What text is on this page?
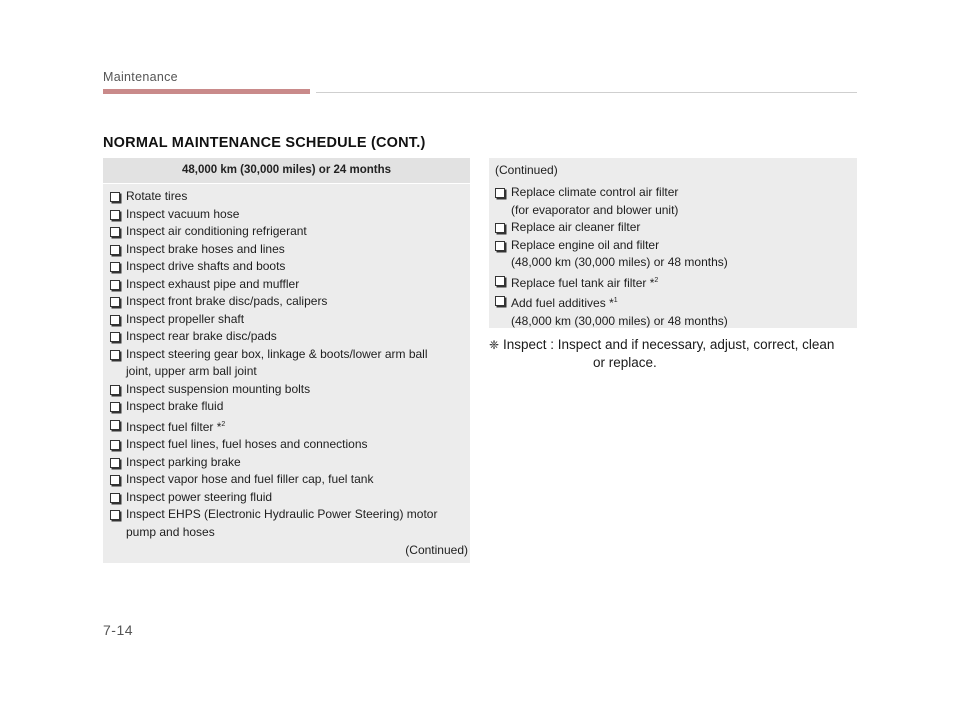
Maintenance
NORMAL MAINTENANCE SCHEDULE (CONT.)
48,000 km (30,000 miles) or 24 months
Rotate tires
Inspect vacuum hose
Inspect air conditioning refrigerant
Inspect brake hoses and lines
Inspect drive shafts and boots
Inspect exhaust pipe and muffler
Inspect front brake disc/pads, calipers
Inspect propeller shaft
Inspect rear brake disc/pads
Inspect steering gear box, linkage & boots/lower arm ball
joint, upper arm ball joint
Inspect suspension mounting bolts
Inspect brake fluid
Inspect fuel filter *$^2$
Inspect fuel lines, fuel hoses and connections
Inspect parking brake
Inspect vapor hose and fuel filler cap, fuel tank
Inspect power steering fluid
Inspect EHPS (Electronic Hydraulic Power Steering) motor
pump and hoses
(Continued)
(Continued)
Replace climate control air filter
(for evaporator and blower unit)
Replace air cleaner filter
Replace engine oil and filter
(48,000 km (30,000 miles) or 48 months)
Replace fuel tank air filter *$^2$
Add fuel additives *$^1$
(48,000 km (30,000 miles) or 48 months)
❈ Inspect : Inspect and if necessary, adjust, correct, clean
or replace.
7-14
